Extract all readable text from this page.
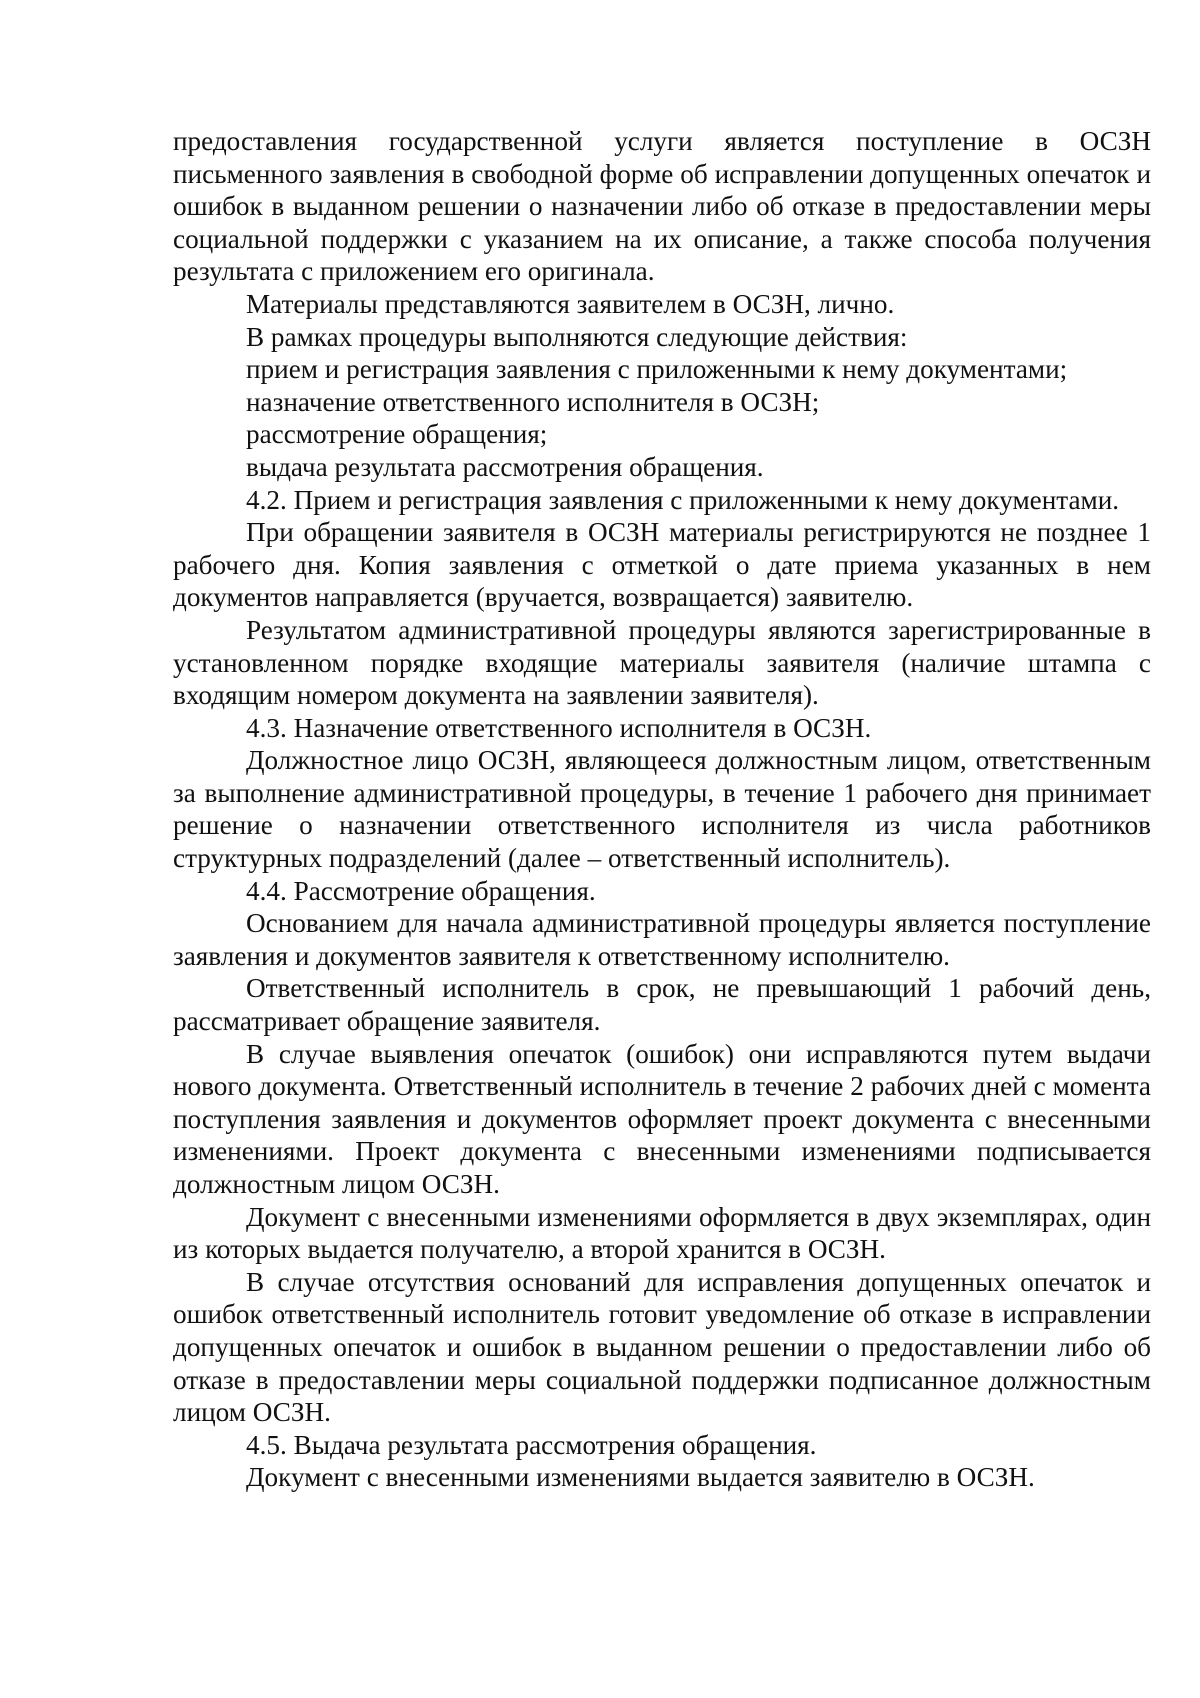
предоставления государственной услуги является поступление в ОСЗН письменного заявления в свободной форме об исправлении допущенных опечаток и ошибок в выданном решении о назначении либо об отказе в предоставлении меры социальной поддержки с указанием на их описание, а также способа получения результата с приложением его оригинала.

Материалы представляются заявителем в ОСЗН, лично.

В рамках процедуры выполняются следующие действия:

прием и регистрация заявления с приложенными к нему документами;

назначение ответственного исполнителя в ОСЗН;

рассмотрение обращения;

выдача результата рассмотрения обращения.

4.2. Прием и регистрация заявления с приложенными к нему документами.

При обращении заявителя в ОСЗН материалы регистрируются не позднее 1 рабочего дня. Копия заявления с отметкой о дате приема указанных в нем документов направляется (вручается, возвращается) заявителю.

Результатом административной процедуры являются зарегистрированные в установленном порядке входящие материалы заявителя (наличие штампа с входящим номером документа на заявлении заявителя).

4.3. Назначение ответственного исполнителя в ОСЗН.

Должностное лицо ОСЗН, являющееся должностным лицом, ответственным за выполнение административной процедуры, в течение 1 рабочего дня принимает решение о назначении ответственного исполнителя из числа работников структурных подразделений (далее – ответственный исполнитель).

4.4. Рассмотрение обращения.

Основанием для начала административной процедуры является поступление заявления и документов заявителя к ответственному исполнителю.

Ответственный исполнитель в срок, не превышающий 1 рабочий день, рассматривает обращение заявителя.

В случае выявления опечаток (ошибок) они исправляются путем выдачи нового документа. Ответственный исполнитель в течение 2 рабочих дней с момента поступления заявления и документов оформляет проект документа с внесенными изменениями. Проект документа с внесенными изменениями подписывается должностным лицом ОСЗН.

Документ с внесенными изменениями оформляется в двух экземплярах, один из которых выдается получателю, а второй хранится в ОСЗН.

В случае отсутствия оснований для исправления допущенных опечаток и ошибок ответственный исполнитель готовит уведомление об отказе в исправлении допущенных опечаток и ошибок в выданном решении о предоставлении либо об отказе в предоставлении меры социальной поддержки подписанное должностным лицом ОСЗН.

4.5. Выдача результата рассмотрения обращения.

Документ с внесенными изменениями выдается заявителю в ОСЗН.
